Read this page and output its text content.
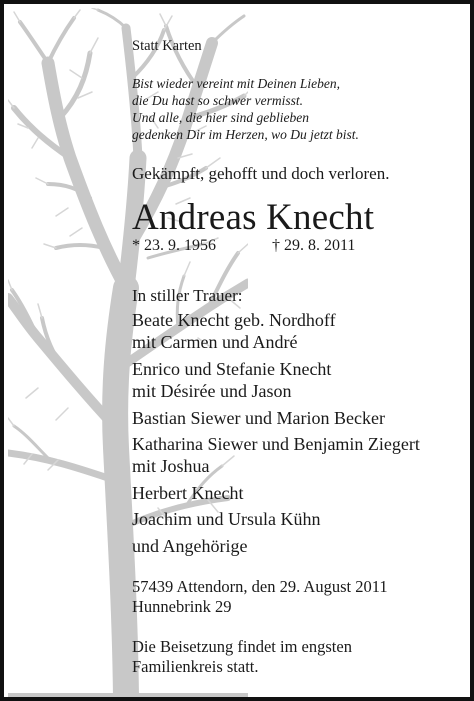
Statt Karten
Bist wieder vereint mit Deinen Lieben,
die Du hast so schwer vermisst.
Und alle, die hier sind geblieben
gedenken Dir im Herzen, wo Du jetzt bist.
Gekämpft, gehofft und doch verloren.
Andreas Knecht
* 23. 9. 1956	† 29. 8. 2011
In stiller Trauer:
Beate Knecht geb. Nordhoff
mit Carmen und André
Enrico und Stefanie Knecht
mit Désirée und Jason
Bastian Siewer und Marion Becker
Katharina Siewer und Benjamin Ziegert
mit Joshua
Herbert Knecht
Joachim und Ursula Kühn
und Angehörige
57439 Attendorn, den 29. August 2011
Hunnebrink 29
Die Beisetzung findet im engsten
Familienkreis statt.
